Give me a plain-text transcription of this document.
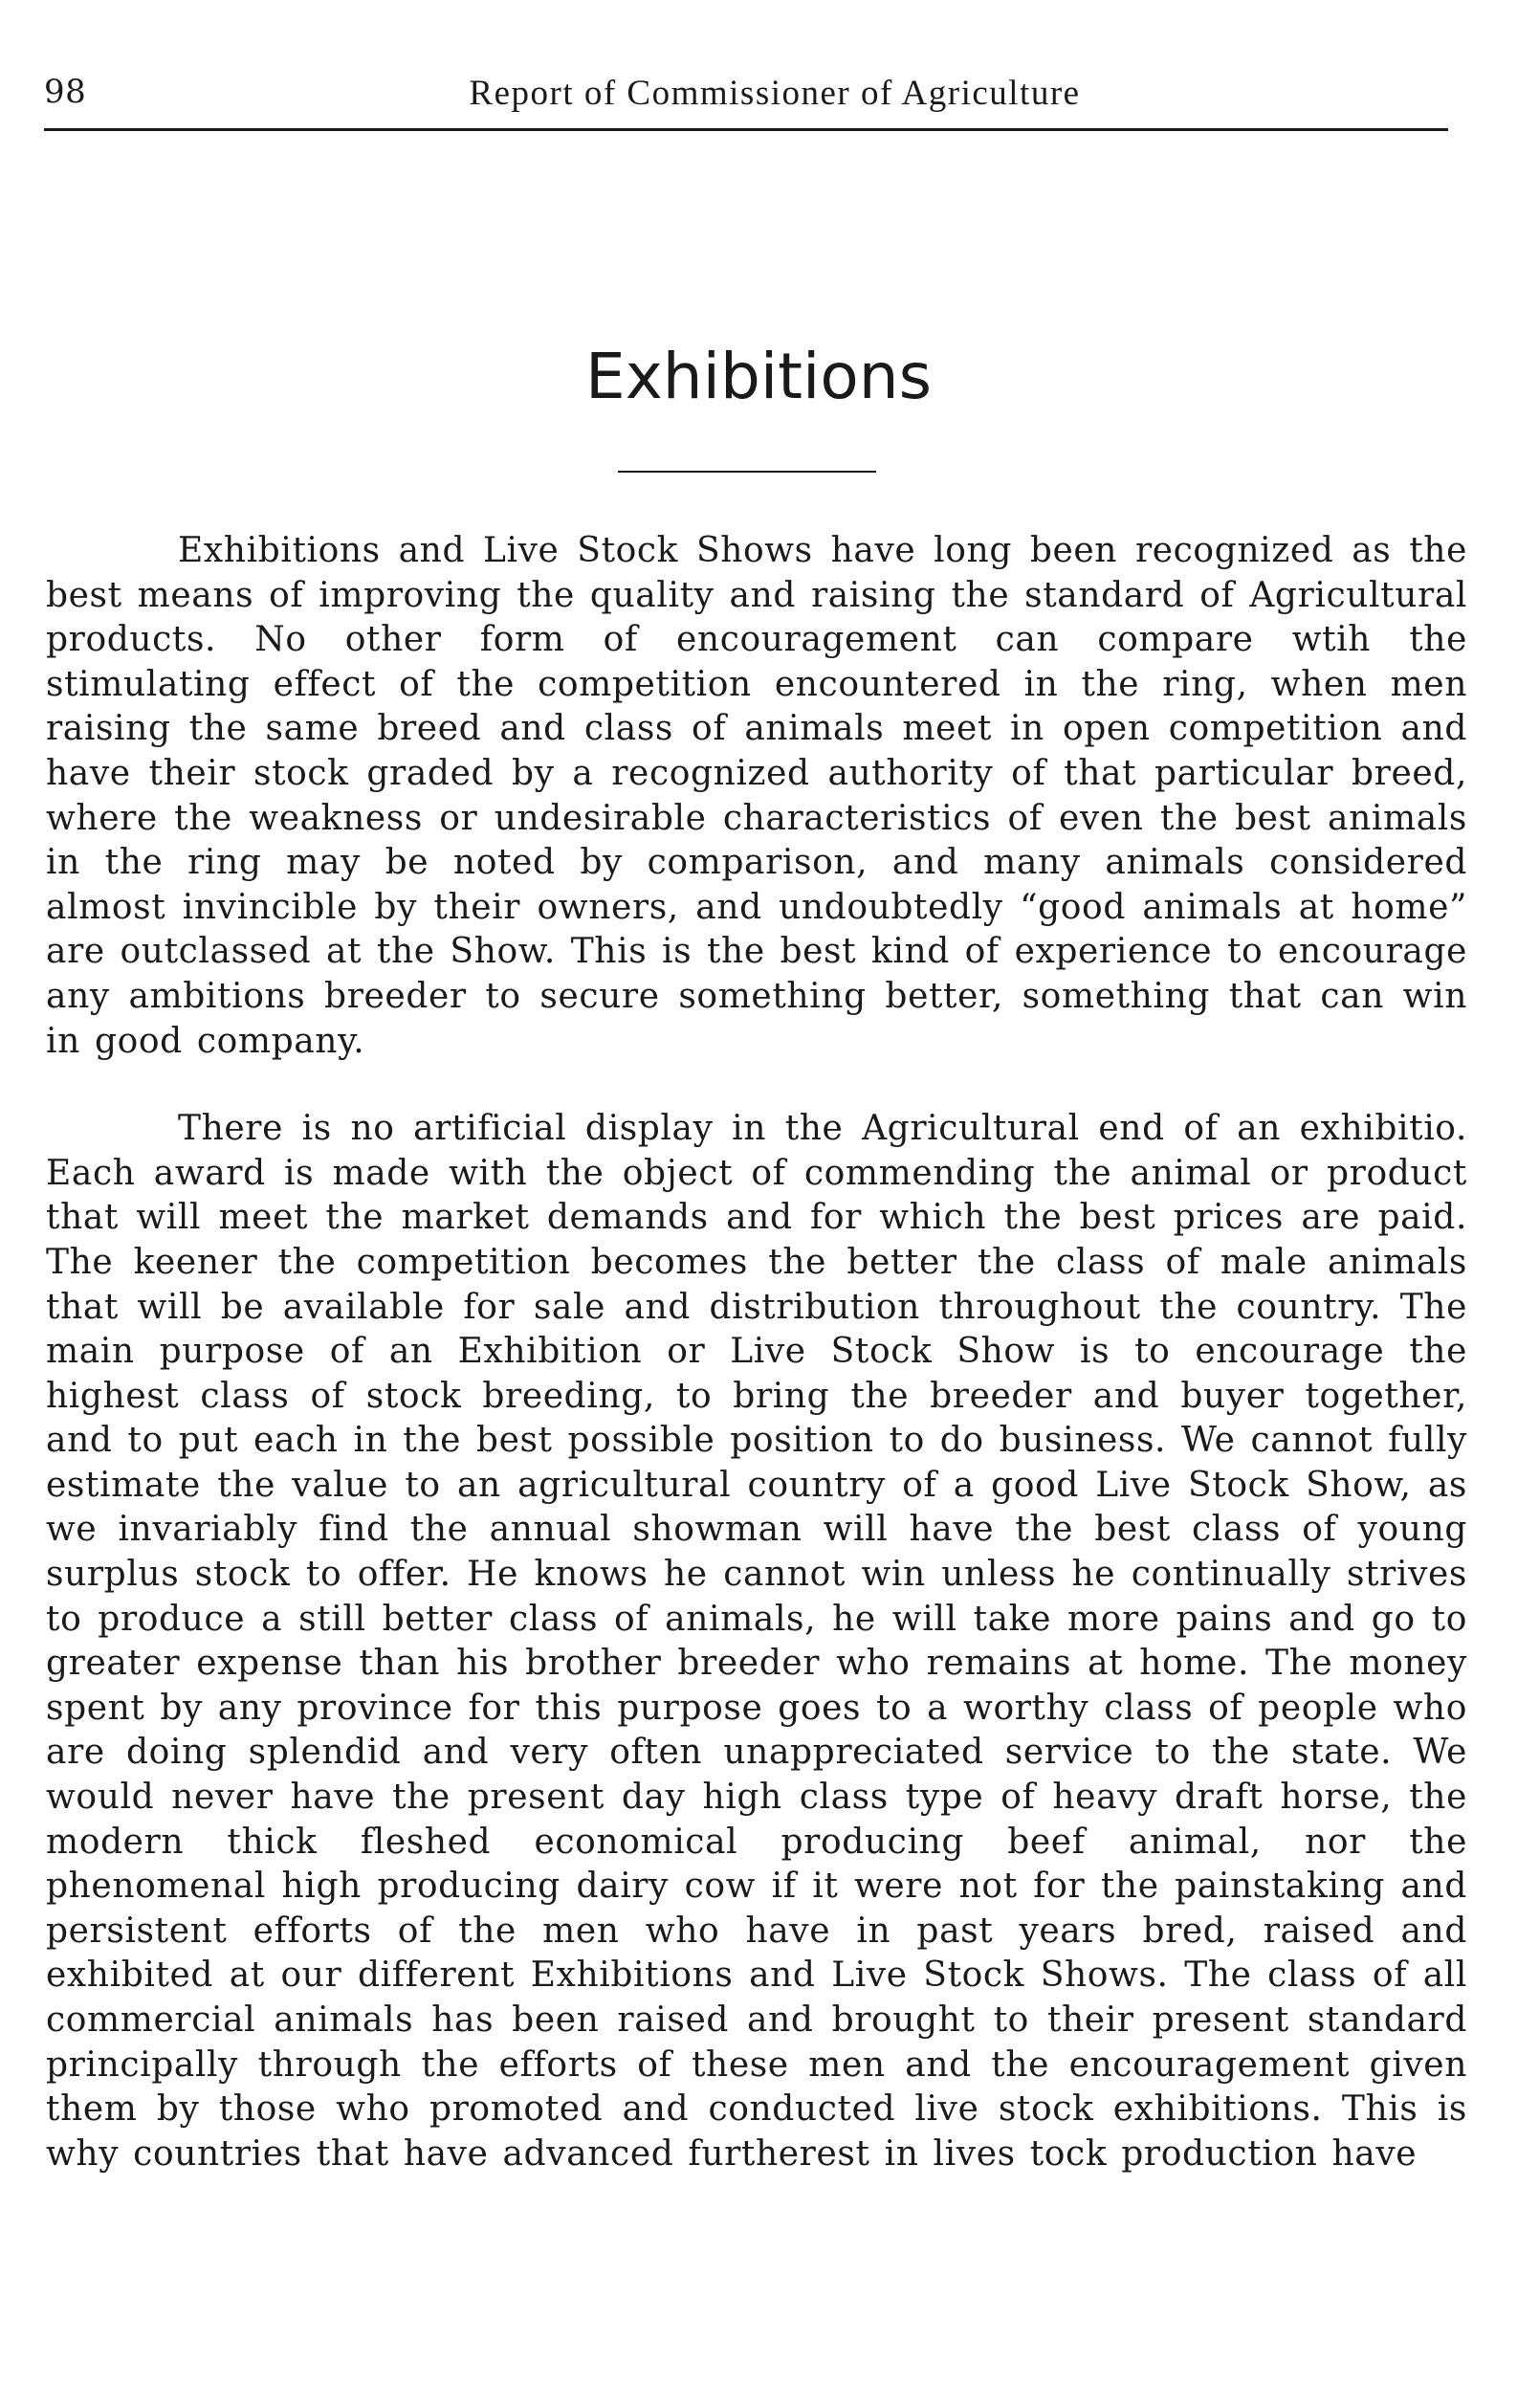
98	Report of Commissioner of Agriculture
Exhibitions

Exhibitions and Live Stock Shows have long been recognized as the best means of improving the quality and raising the standard of Agricultural products. No other form of encouragement can compare wtih the stimulating effect of the competition encountered in the ring, when men raising the same breed and class of animals meet in open competition and have their stock graded by a recognized authority of that particular breed, where the weakness or undesirable characteristics of even the best animals in the ring may be noted by comparison, and many animals considered almost invincible by their owners, and undoubtedly “good animals at home” are outclassed at the Show. This is the best kind of experience to encourage any ambitions breeder to secure something better, something that can win in good company.

There is no artificial display in the Agricultural end of an exhibitio. Each award is made with the object of commending the animal or product that will meet the market demands and for which the best prices are paid. The keener the competition becomes the better the class of male animals that will be available for sale and distribution throughout the country. The main purpose of an Exhibition or Live Stock Show is to encourage the highest class of stock breeding, to bring the breeder and buyer together, and to put each in the best possible position to do business. We cannot fully estimate the value to an agricultural country of a good Live Stock Show, as we invariably find the annual showman will have the best class of young surplus stock to offer. He knows he cannot win unless he continually strives to produce a still better class of animals, he will take more pains and go to greater expense than his brother breeder who remains at home. The money spent by any province for this purpose goes to a worthy class of people who are doing splendid and very often unappreciated service to the state. We would never have the present day high class type of heavy draft horse, the modern thick fleshed economical producing beef animal, nor the phenomenal high producing dairy cow if it were not for the painstaking and persistent efforts of the men who have in past years bred, raised and exhibited at our different Exhibitions and Live Stock Shows. The class of all commercial animals has been raised and brought to their present standard principally through the efforts of these men and the encouragement given them by those who promoted and conducted live stock exhibitions. This is why countries that have advanced furtherest in lives tock production have
